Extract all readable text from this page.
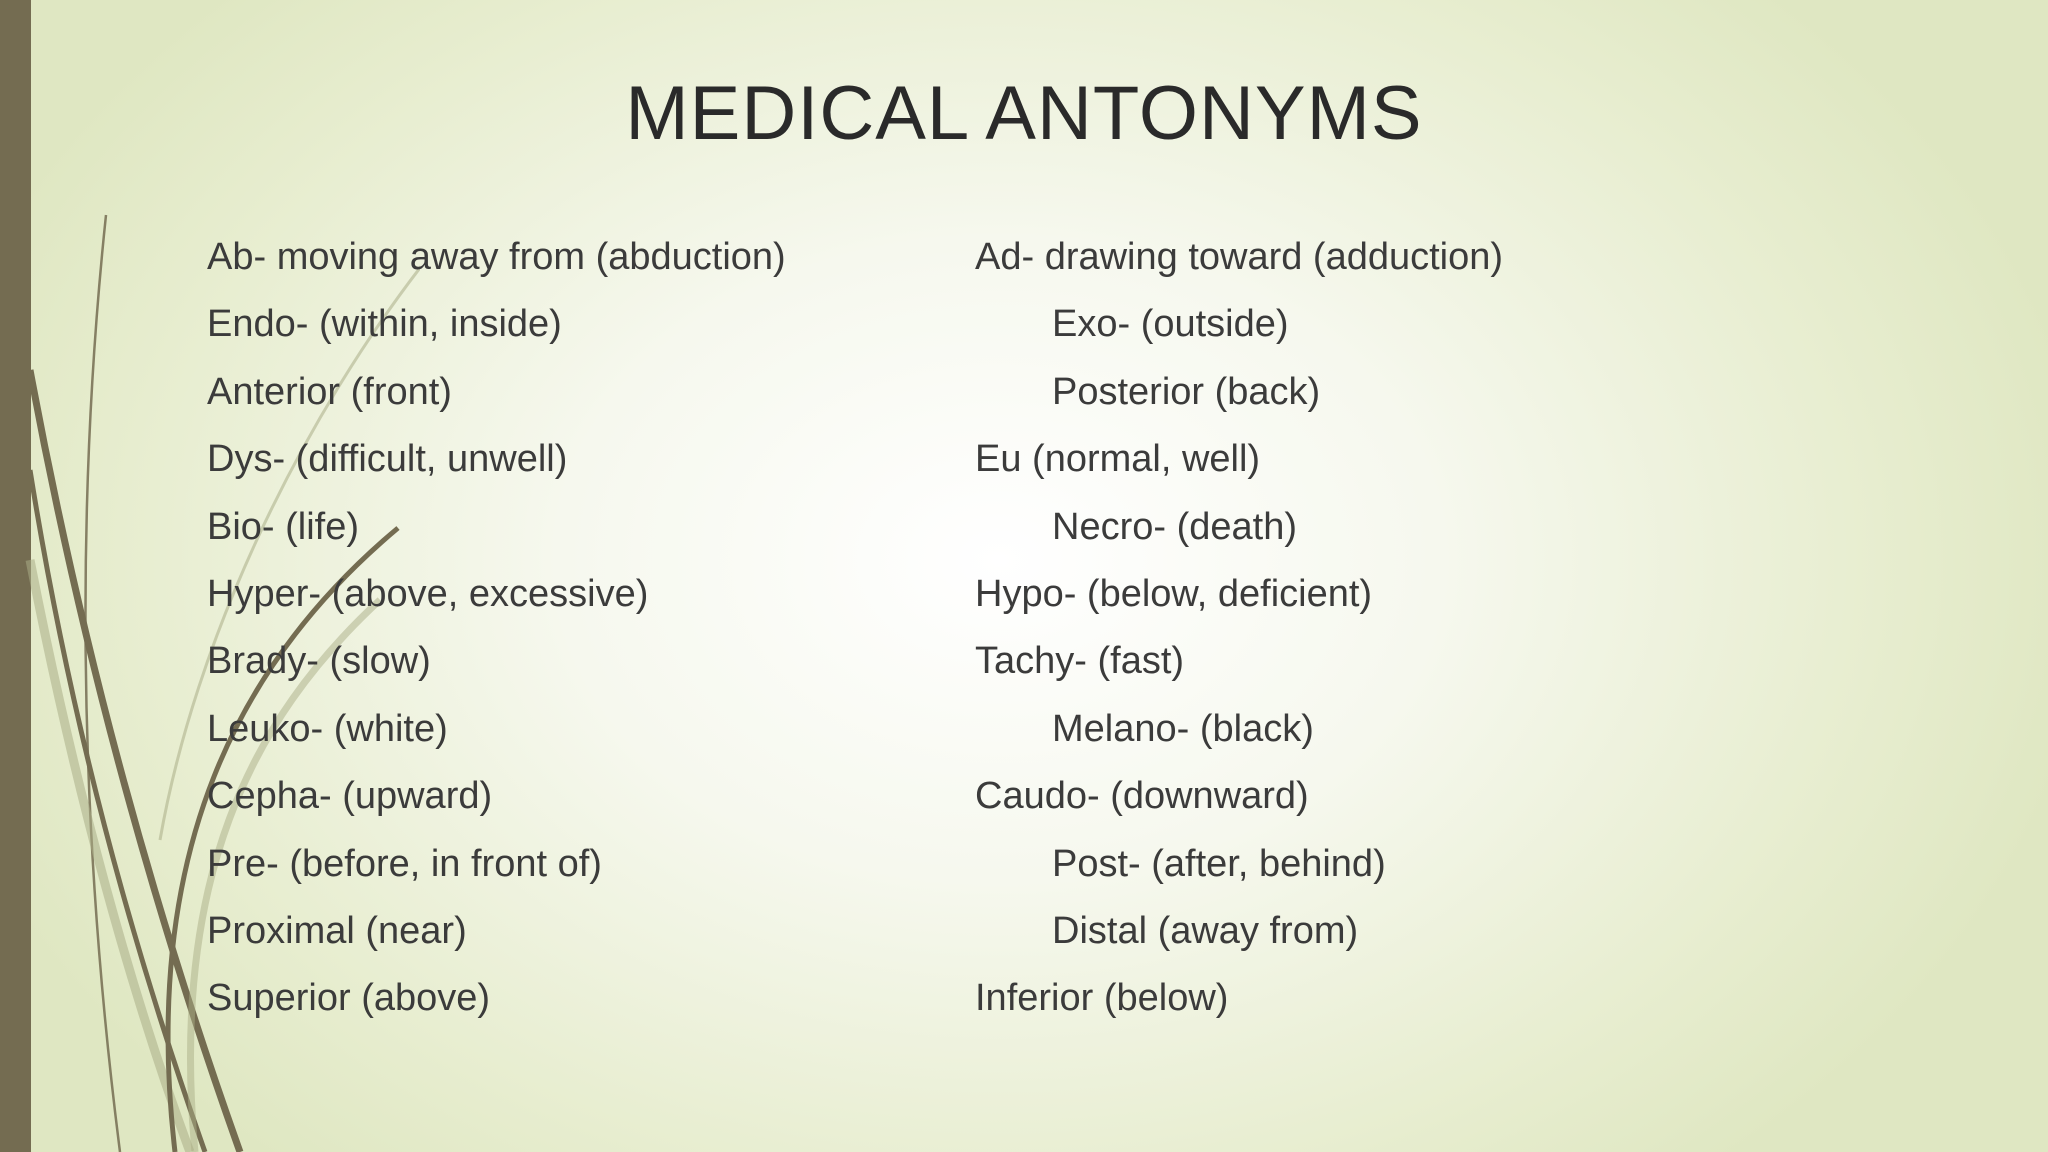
MEDICAL ANTONYMS
Ab- moving away from (abduction)
Endo- (within, inside)
Anterior (front)
Dys- (difficult, unwell)
Bio- (life)
Hyper- (above, excessive)
Brady- (slow)
Leuko- (white)
Cepha- (upward)
Pre- (before, in front of)
Proximal (near)
Superior (above)
Ad- drawing toward (adduction)
Exo- (outside)
Posterior (back)
Eu (normal, well)
Necro- (death)
Hypo- (below, deficient)
Tachy- (fast)
Melano- (black)
Caudo- (downward)
Post- (after, behind)
Distal (away from)
Inferior (below)
